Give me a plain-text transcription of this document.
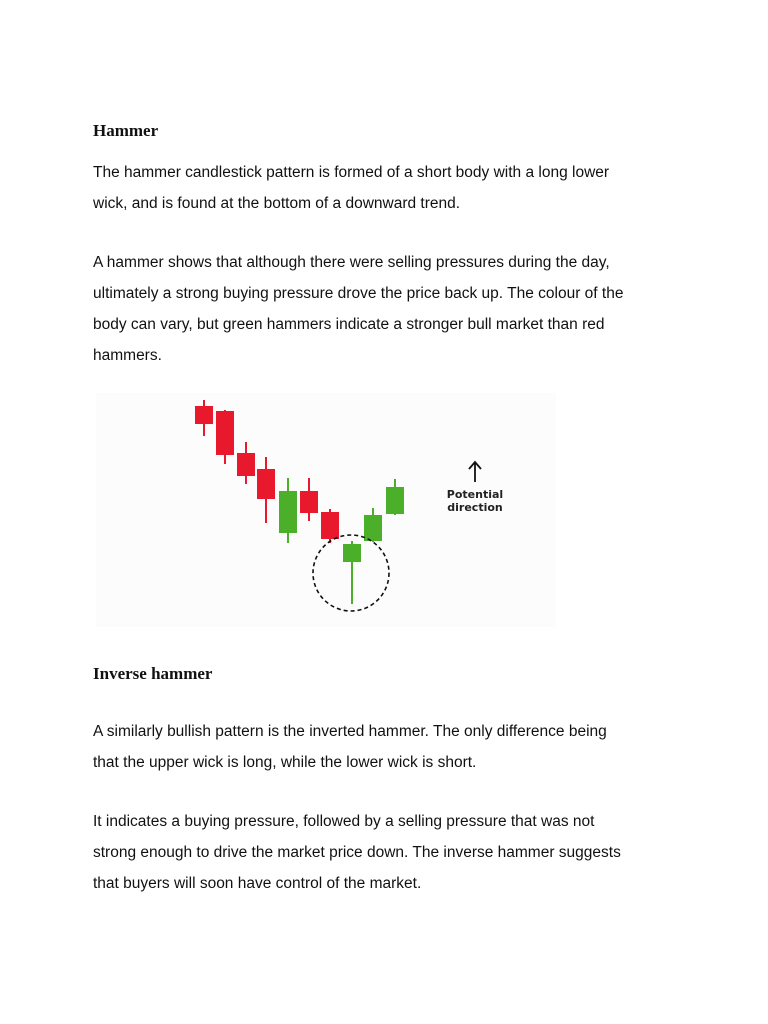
Hammer

The hammer candlestick pattern is formed of a short body with a long lower
wick, and is found at the bottom of a downward trend.

A hammer shows that although there were selling pressures during the day,
ultimately a strong buying pressure drove the price back up. The colour of the
body can vary, but green hammers indicate a stronger bull market than red
hammers.

Potential
direction
Inverse hammer

A similarly bullish pattern is the inverted hammer. The only difference being
that the upper wick is long, while the lower wick is short.

It indicates a buying pressure, followed by a selling pressure that was not
strong enough to drive the market price down. The inverse hammer suggests
that buyers will soon have control of the market.
